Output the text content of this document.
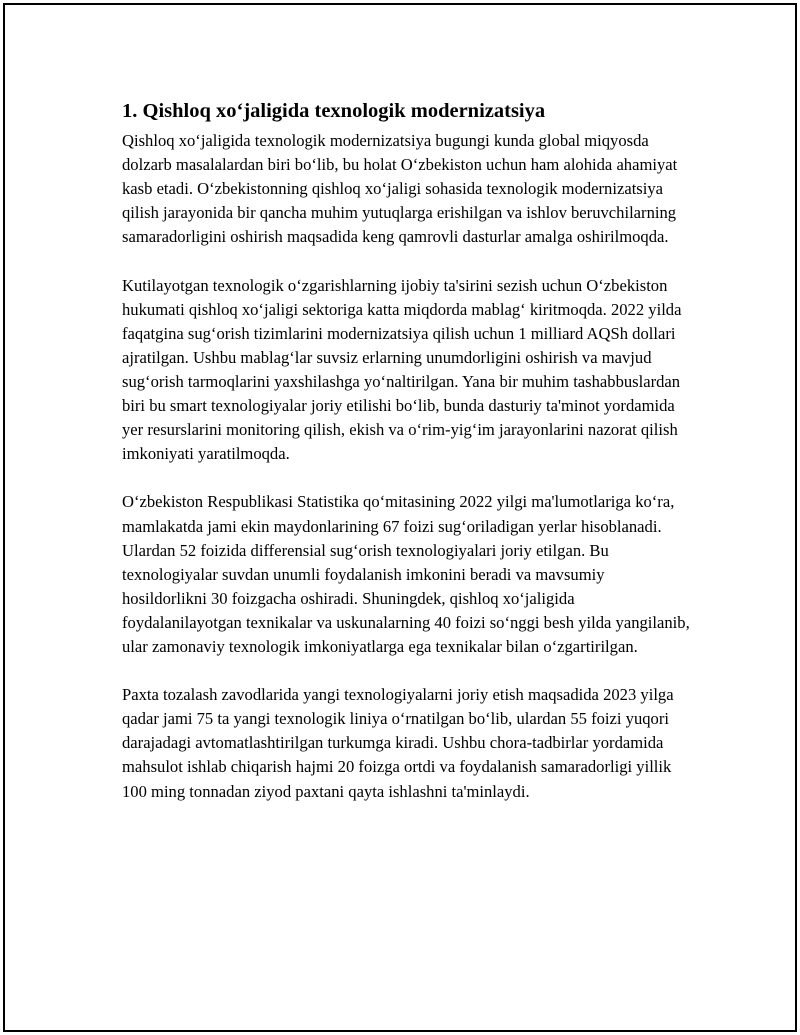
1. Qishloq xo‘jaligida texnologik modernizatsiya

Qishloq xo‘jaligida texnologik modernizatsiya bugungi kunda global miqyosda dolzarb masalalardan biri bo‘lib, bu holat O‘zbekiston uchun ham alohida ahamiyat kasb etadi. O‘zbekistonning qishloq xo‘jaligi sohasida texnologik modernizatsiya qilish jarayonida bir qancha muhim yutuqlarga erishilgan va ishlov beruvchilarning samaradorligini oshirish maqsadida keng qamrovli dasturlar amalga oshirilmoqda.

Kutilayotgan texnologik o‘zgarishlarning ijobiy ta'sirini sezish uchun O‘zbekiston hukumati qishloq xo‘jaligi sektoriga katta miqdorda mablag‘ kiritmoqda. 2022 yilda faqatgina sug‘orish tizimlarini modernizatsiya qilish uchun 1 milliard AQSh dollari ajratilgan. Ushbu mablag‘lar suvsiz erlarning unumdorligini oshirish va mavjud sug‘orish tarmoqlarini yaxshilashga yo‘naltirilgan. Yana bir muhim tashabbuslardan biri bu smart texnologiyalar joriy etilishi bo‘lib, bunda dasturiy ta'minot yordamida yer resurslarini monitoring qilish, ekish va o‘rim-yig‘im jarayonlarini nazorat qilish imkoniyati yaratilmoqda.

O‘zbekiston Respublikasi Statistika qo‘mitasining 2022 yilgi ma'lumotlariga ko‘ra, mamlakatda jami ekin maydonlarining 67 foizi sug‘oriladigan yerlar hisoblanadi. Ulardan 52 foizida differensial sug‘orish texnologiyalari joriy etilgan. Bu texnologiyalar suvdan unumli foydalanish imkonini beradi va mavsumiy hosildorlikni 30 foizgacha oshiradi. Shuningdek, qishloq xo‘jaligida foydalanilayotgan texnikalar va uskunalarning 40 foizi so‘nggi besh yilda yangilanib, ular zamonaviy texnologik imkoniyatlarga ega texnikalar bilan o‘zgartirilgan.

Paxta tozalash zavodlarida yangi texnologiyalarni joriy etish maqsadida 2023 yilga qadar jami 75 ta yangi texnologik liniya o‘rnatilgan bo‘lib, ulardan 55 foizi yuqori darajadagi avtomatlashtirilgan turkumga kiradi. Ushbu chora-tadbirlar yordamida mahsulot ishlab chiqarish hajmi 20 foizga ortdi va foydalanish samaradorligi yillik 100 ming tonnadan ziyod paxtani qayta ishlashni ta'minlaydi.
